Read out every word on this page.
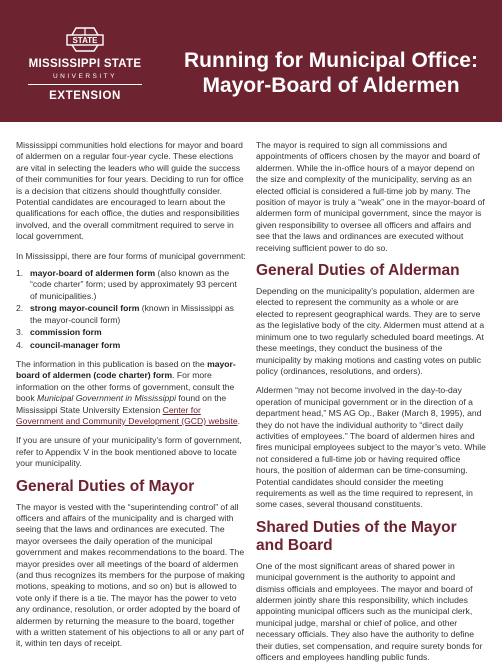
STATE
MISSISSIPPI STATE
UNIVERSITY
EXTENSION
Running for Municipal Office:
Mayor-Board of Aldermen

Mississippi communities hold elections for mayor and board of aldermen on a regular four-year cycle. These elections are vital in selecting the leaders who will guide the success of their communities for four years. Deciding to run for office is a decision that citizens should thoughtfully consider. Potential candidates are encouraged to learn about the qualifications for each office, the duties and responsibilities involved, and the overall commitment required to serve in local government.

In Mississippi, there are four forms of municipal government:

1. mayor-board of aldermen form (also known as the “code charter” form; used by approximately 93 percent of municipalities.)
2. strong mayor-council form (known in Mississippi as the mayor-council form)
3. commission form
4. council-manager form

The information in this publication is based on the mayor-board of aldermen (code charter) form. For more information on the other forms of government, consult the book Municipal Government in Mississippi found on the Mississippi State University Extension Center for Government and Community Development (GCD) website.

If you are unsure of your municipality’s form of government, refer to Appendix V in the book mentioned above to locate your municipality.

General Duties of Mayor

The mayor is vested with the “superintending control” of all officers and affairs of the municipality and is charged with seeing that the laws and ordinances are executed. The mayor oversees the daily operation of the municipal government and makes recommendations to the board. The mayor presides over all meetings of the board of aldermen (and thus recognizes its members for the purpose of making motions, speaking to motions, and so on) but is allowed to vote only if there is a tie. The mayor has the power to veto any ordinance, resolution, or order adopted by the board of aldermen by returning the measure to the board, together with a written statement of his objections to all or any part of it, within ten days of receipt.

The mayor is required to sign all commissions and appointments of officers chosen by the mayor and board of aldermen. While the in-office hours of a mayor depend on the size and complexity of the municipality, serving as an elected official is considered a full-time job by many. The position of mayor is truly a “weak” one in the mayor-board of aldermen form of municipal government, since the mayor is given responsibility to oversee all officers and affairs and see that the laws and ordinances are executed without receiving sufficient power to do so.

General Duties of Alderman

Depending on the municipality’s population, aldermen are elected to represent the community as a whole or are elected to represent geographical wards. They are to serve as the legislative body of the city. Aldermen must attend at a minimum one to two regularly scheduled board meetings. At these meetings, they conduct the business of the municipality by making motions and casting votes on public policy (ordinances, resolutions, and orders).

Aldermen “may not become involved in the day-to-day operation of municipal government or in the direction of a department head,” MS AG Op., Baker (March 8, 1995), and they do not have the individual authority to “direct daily activities of employees.” The board of aldermen hires and fires municipal employees subject to the mayor’s veto. While not considered a full-time job or having required office hours, the position of alderman can be time-consuming. Potential candidates should consider the meeting requirements as well as the time required to represent, in some cases, several thousand constituents.

Shared Duties of the Mayor and Board

One of the most significant areas of shared power in municipal government is the authority to appoint and dismiss officials and employees. The mayor and board of aldermen jointly share this responsibility, which includes appointing municipal officers such as the municipal clerk, municipal judge, marshal or chief of police, and other necessary officials. They also have the authority to define their duties, set compensation, and require surety bonds for officers and employees handling public funds.
